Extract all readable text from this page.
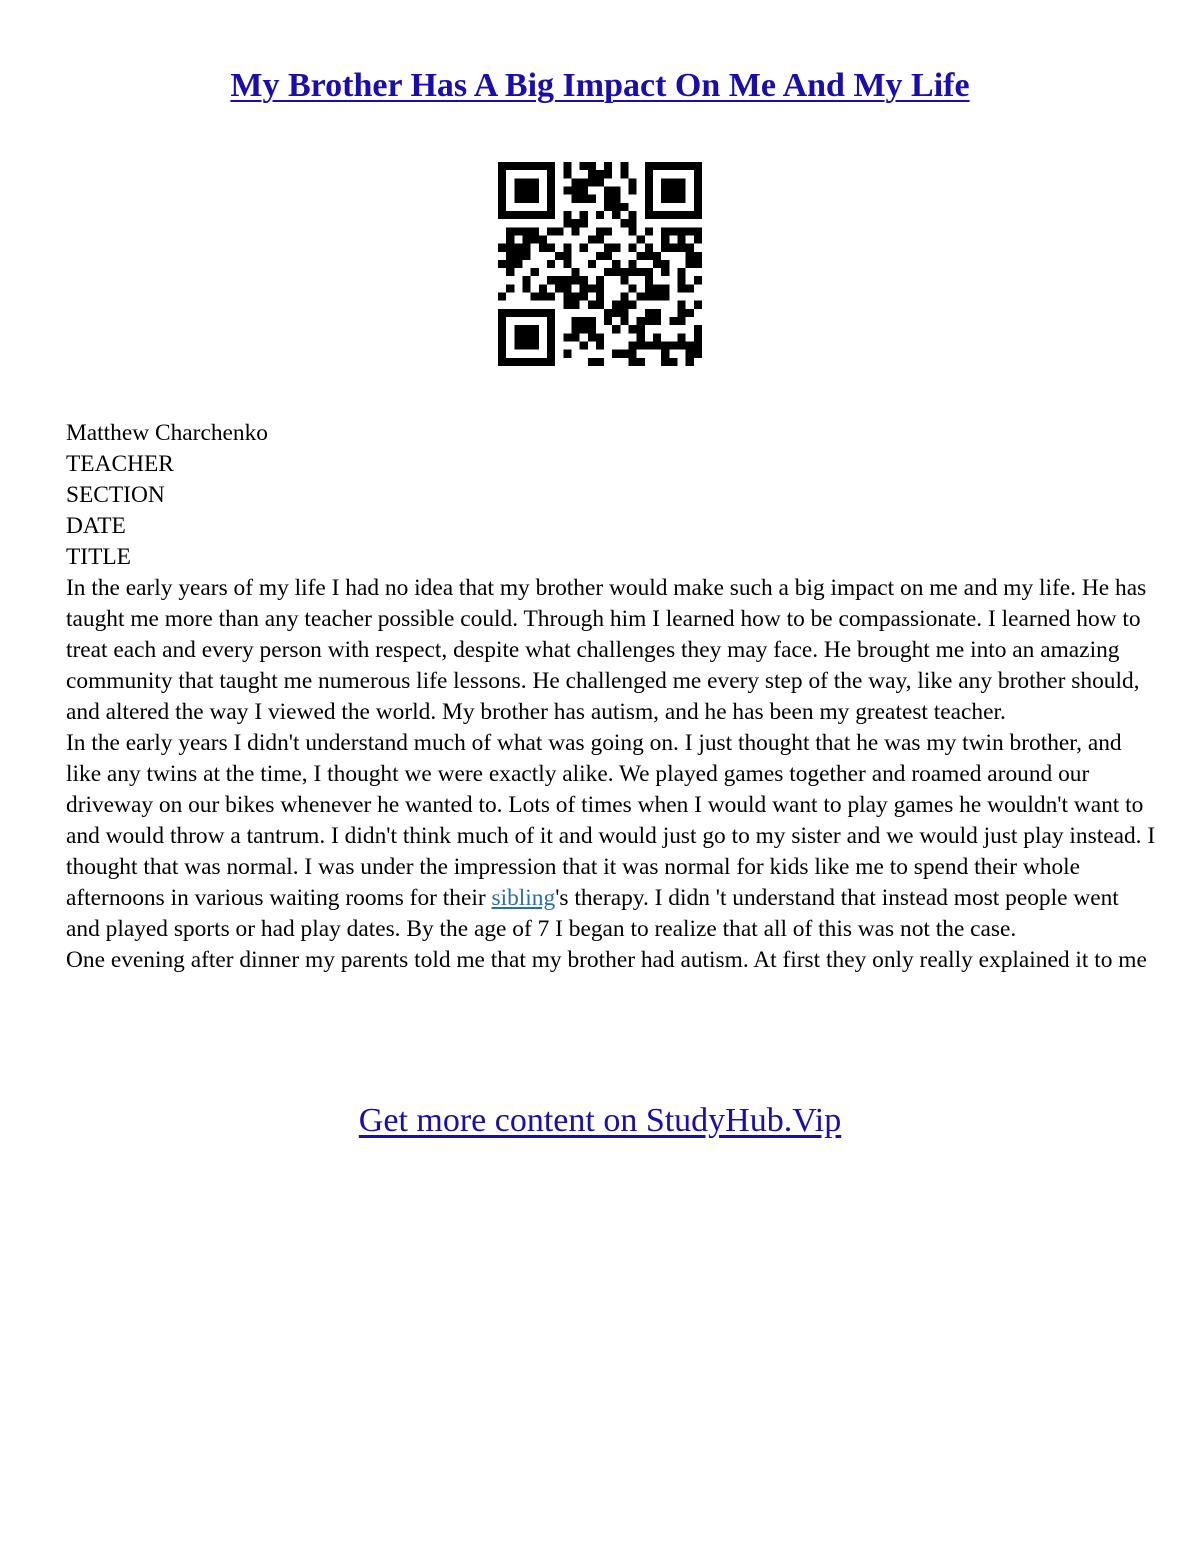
My Brother Has A Big Impact On Me And My Life

Matthew Charchenko

TEACHER

SECTION

DATE

TITLE

In the early years of my life I had no idea that my brother would make such a big impact on me and my life. He has taught me more than any teacher possible could. Through him I learned how to be compassionate. I learned how to treat each and every person with respect, despite what challenges they may face. He brought me into an amazing community that taught me numerous life lessons. He challenged me every step of the way, like any brother should, and altered the way I viewed the world. My brother has autism, and he has been my greatest teacher.

In the early years I didn't understand much of what was going on. I just thought that he was my twin brother, and like any twins at the time, I thought we were exactly alike. We played games together and roamed around our driveway on our bikes whenever he wanted to. Lots of times when I would want to play games he wouldn't want to and would throw a tantrum. I didn't think much of it and would just go to my sister and we would just play instead. I thought that was normal. I was under the impression that it was normal for kids like me to spend their whole afternoons in various waiting rooms for their sibling's therapy. I didn 't understand that instead most people went and played sports or had play dates. By the age of 7 I began to realize that all of this was not the case.

One evening after dinner my parents told me that my brother had autism. At first they only really explained it to me

Get more content on StudyHub.Vip
